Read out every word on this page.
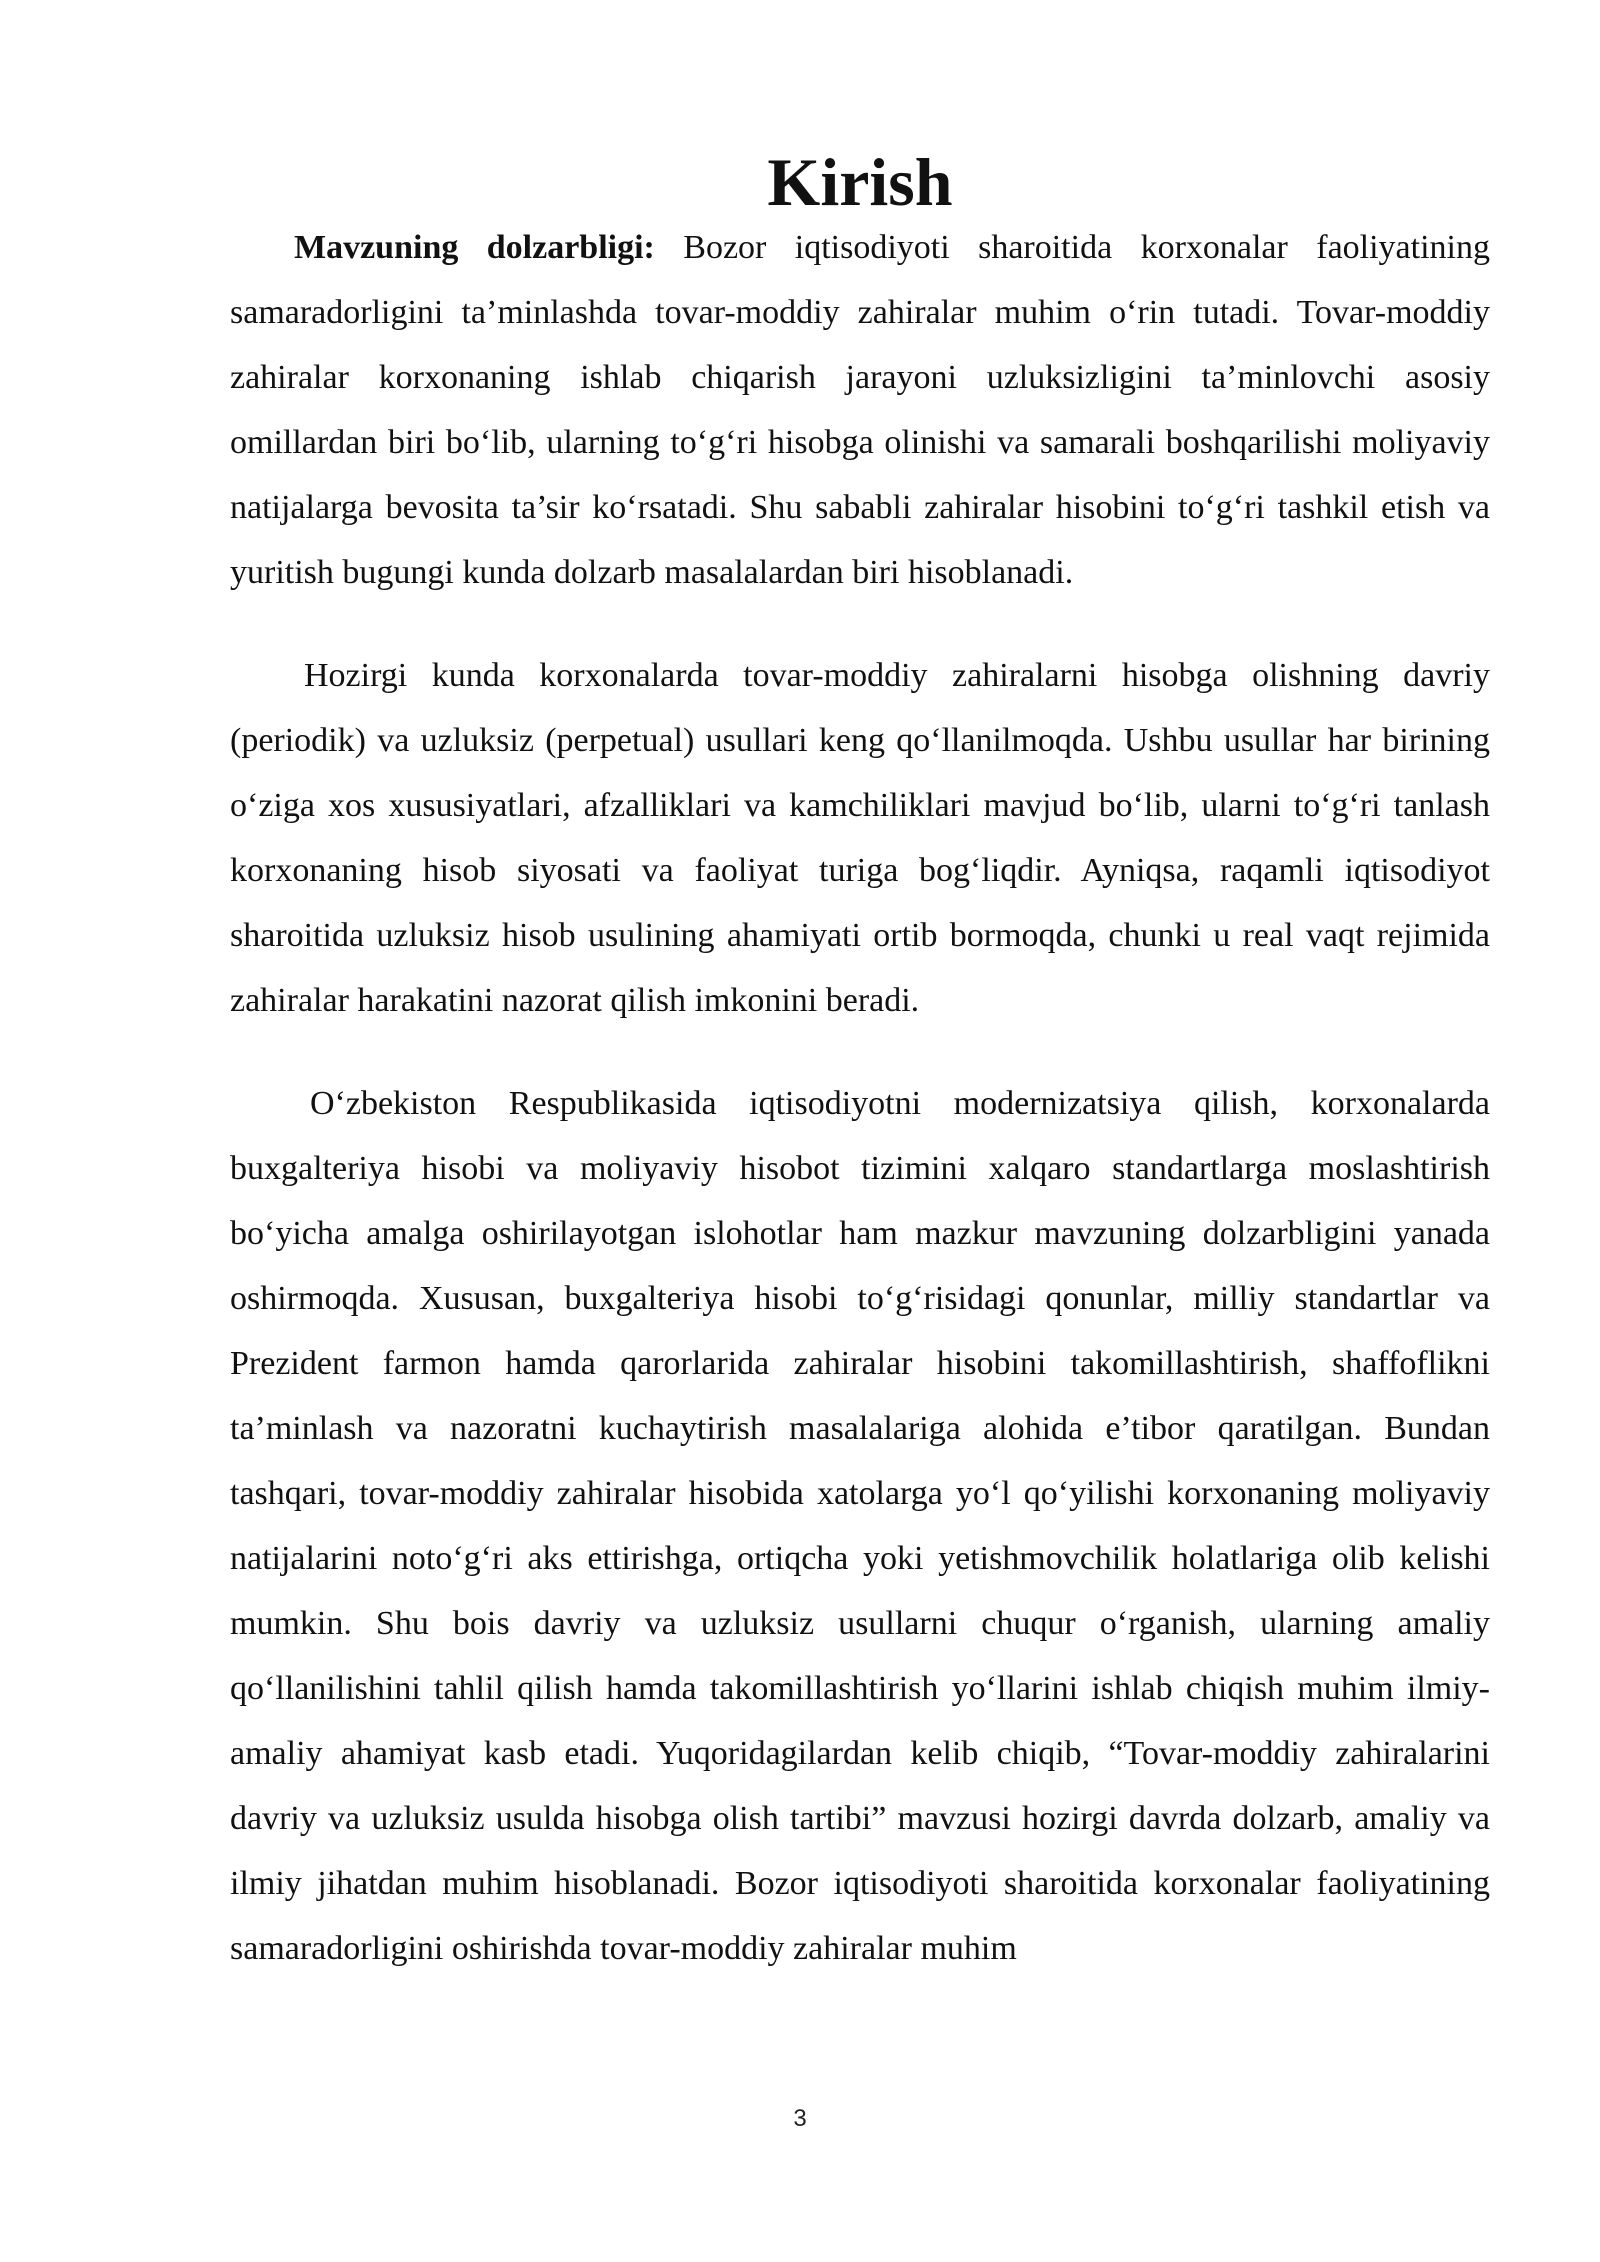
Kirish

Mavzuning dolzarbligi: Bozor iqtisodiyoti sharoitida korxonalar faoliyatining samaradorligini ta’minlashda tovar-moddiy zahiralar muhim o‘rin tutadi. Tovar-moddiy zahiralar korxonaning ishlab chiqarish jarayoni uzluksizligini ta’minlovchi asosiy omillardan biri bo‘lib, ularning to‘g‘ri hisobga olinishi va samarali boshqarilishi moliyaviy natijalarga bevosita ta’sir ko‘rsatadi. Shu sababli zahiralar hisobini to‘g‘ri tashkil etish va yuritish bugungi kunda dolzarb masalalardan biri hisoblanadi.

Hozirgi kunda korxonalarda tovar-moddiy zahiralarni hisobga olishning davriy (periodik) va uzluksiz (perpetual) usullari keng qo‘llanilmoqda. Ushbu usullar har birining o‘ziga xos xususiyatlari, afzalliklari va kamchiliklari mavjud bo‘lib, ularni to‘g‘ri tanlash korxonaning hisob siyosati va faoliyat turiga bog‘liqdir. Ayniqsa, raqamli iqtisodiyot sharoitida uzluksiz hisob usulining ahamiyati ortib bormoqda, chunki u real vaqt rejimida zahiralar harakatini nazorat qilish imkonini beradi.

O‘zbekiston Respublikasida iqtisodiyotni modernizatsiya qilish, korxonalarda buxgalteriya hisobi va moliyaviy hisobot tizimini xalqaro standartlarga moslashtirish bo‘yicha amalga oshirilayotgan islohotlar ham mazkur mavzuning dolzarbligini yanada oshirmoqda. Xususan, buxgalteriya hisobi to‘g‘risidagi qonunlar, milliy standartlar va Prezident farmon hamda qarorlarida zahiralar hisobini takomillashtirish, shaffoflikni ta’minlash va nazoratni kuchaytirish masalalariga alohida e’tibor qaratilgan. Bundan tashqari, tovar-moddiy zahiralar hisobida xatolarga yo‘l qo‘yilishi korxonaning moliyaviy natijalarini noto‘g‘ri aks ettirishga, ortiqcha yoki yetishmovchilik holatlariga olib kelishi mumkin. Shu bois davriy va uzluksiz usullarni chuqur o‘rganish, ularning amaliy qo‘llanilishini tahlil qilish hamda takomillashtirish yo‘llarini ishlab chiqish muhim ilmiy-amaliy ahamiyat kasb etadi. Yuqoridagilardan kelib chiqib, “Tovar-moddiy zahiralarini davriy va uzluksiz usulda hisobga olish tartibi” mavzusi hozirgi davrda dolzarb, amaliy va ilmiy jihatdan muhim hisoblanadi. Bozor iqtisodiyoti sharoitida korxonalar faoliyatining samaradorligini oshirishda tovar-moddiy zahiralar muhim

3
